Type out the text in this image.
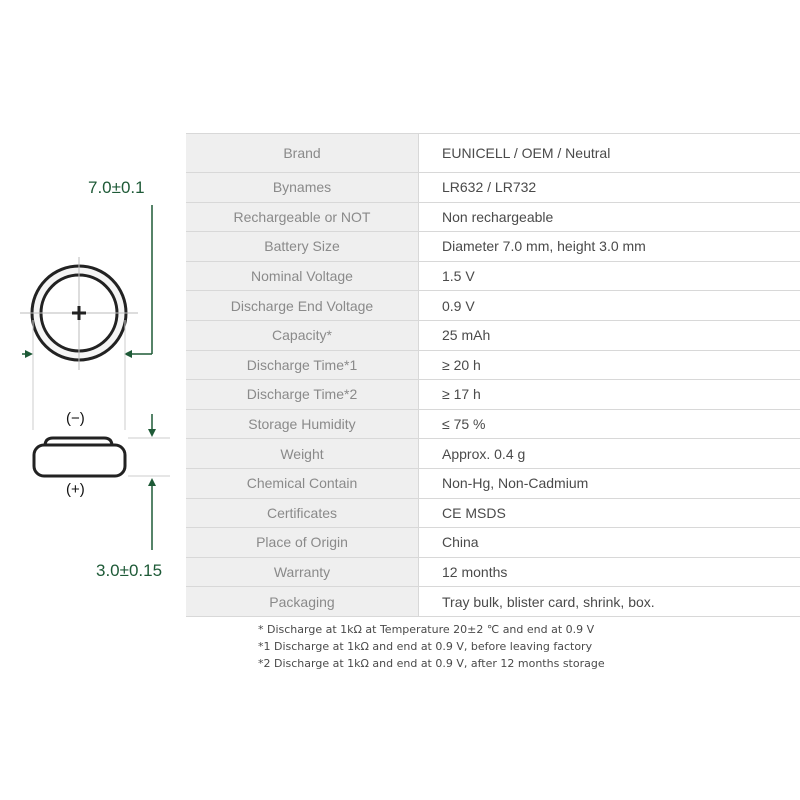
7.0±0.1
3.0±0.15
(−)
(+)
Brand	EUNICELL / OEM / Neutral
Bynames	LR632 / LR732
Rechargeable or NOT	Non rechargeable
Battery Size	Diameter 7.0 mm, height 3.0 mm
Nominal Voltage	1.5 V
Discharge End Voltage	0.9 V
Capacity*	25 mAh
Discharge Time*1	≥ 20 h
Discharge Time*2	≥ 17 h
Storage Humidity	≤ 75 %
Weight	Approx. 0.4 g
Chemical Contain	Non-Hg, Non-Cadmium
Certificates	CE MSDS
Place of Origin	China
Warranty	12 months
Packaging	Tray bulk, blister card, shrink, box.
* Discharge at 1kΩ at Temperature 20±2 ℃ and end at 0.9 V
*1 Discharge at 1kΩ and end at 0.9 V, before leaving factory
*2 Discharge at 1kΩ and end at 0.9 V, after 12 months storage
